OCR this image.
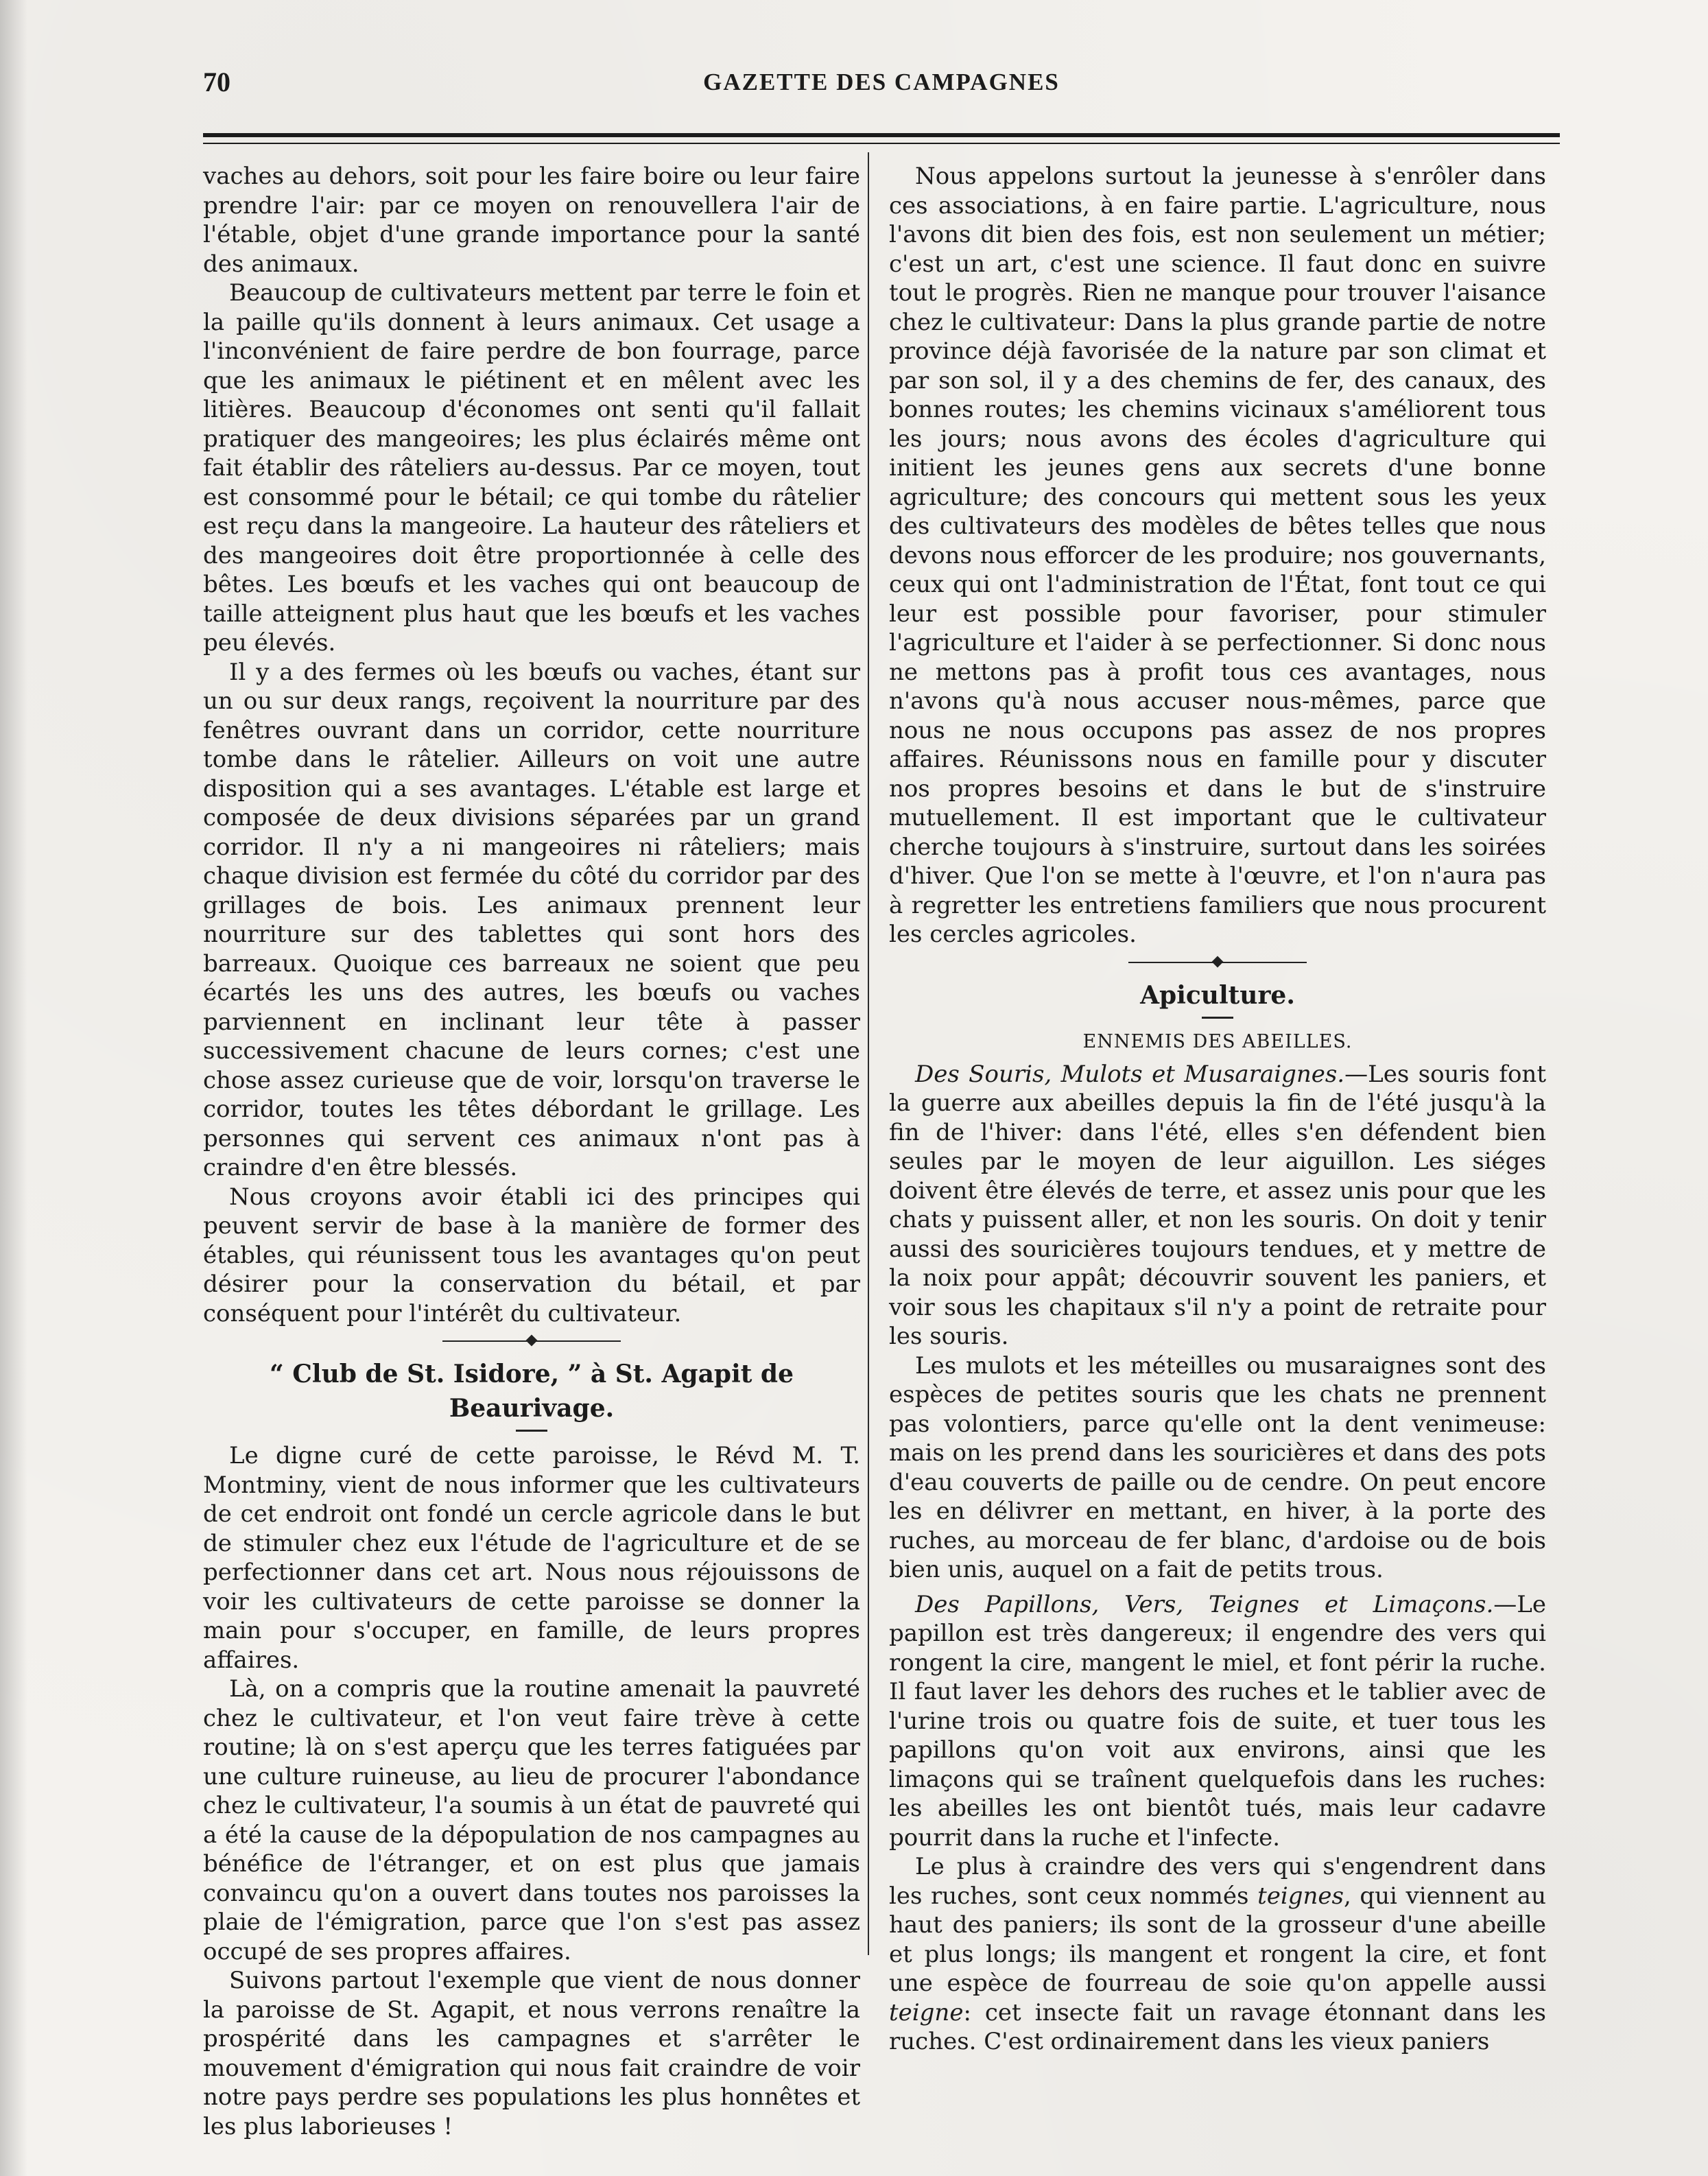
70	GAZETTE DES CAMPAGNES

vaches au dehors, soit pour les faire boire ou leur faire prendre l'air: par ce moyen on renouvellera l'air de l'étable, objet d'une grande importance pour la santé des animaux.

Beaucoup de cultivateurs mettent par terre le foin et la paille qu'ils donnent à leurs animaux. Cet usage a l'inconvénient de faire perdre de bon fourrage, parce que les animaux le piétinent et en mêlent avec les litières. Beaucoup d'économes ont senti qu'il fallait pratiquer des mangeoires; les plus éclairés même ont fait établir des râteliers au-dessus. Par ce moyen, tout est consommé pour le bétail; ce qui tombe du râtelier est reçu dans la mangeoire. La hauteur des râteliers et des mangeoires doit être proportionnée à celle des bêtes. Les bœufs et les vaches qui ont beaucoup de taille atteignent plus haut que les bœufs et les vaches peu élevés.

Il y a des fermes où les bœufs ou vaches, étant sur un ou sur deux rangs, reçoivent la nourriture par des fenêtres ouvrant dans un corridor, cette nourriture tombe dans le râtelier. Ailleurs on voit une autre disposition qui a ses avantages. L'étable est large et composée de deux divisions séparées par un grand corridor. Il n'y a ni mangeoires ni râteliers; mais chaque division est fermée du côté du corridor par des grillages de bois. Les animaux prennent leur nourriture sur des tablettes qui sont hors des barreaux. Quoique ces barreaux ne soient que peu écartés les uns des autres, les bœufs ou vaches parviennent en inclinant leur tête à passer successivement chacune de leurs cornes; c'est une chose assez curieuse que de voir, lorsqu'on traverse le corridor, toutes les têtes débordant le grillage. Les personnes qui servent ces animaux n'ont pas à craindre d'en être blessés.

Nous croyons avoir établi ici des principes qui peuvent servir de base à la manière de former des étables, qui réunissent tous les avantages qu'on peut désirer pour la conservation du bétail, et par conséquent pour l'intérêt du cultivateur.

“ Club de St. Isidore, ” à St. Agapit de Beaurivage.

Le digne curé de cette paroisse, le Révd M. T. Montminy, vient de nous informer que les cultivateurs de cet endroit ont fondé un cercle agricole dans le but de stimuler chez eux l'étude de l'agriculture et de se perfectionner dans cet art. Nous nous réjouissons de voir les cultivateurs de cette paroisse se donner la main pour s'occuper, en famille, de leurs propres affaires.

Là, on a compris que la routine amenait la pauvreté chez le cultivateur, et l'on veut faire trève à cette routine; là on s'est aperçu que les terres fatiguées par une culture ruineuse, au lieu de procurer l'abondance chez le cultivateur, l'a soumis à un état de pauvreté qui a été la cause de la dépopulation de nos campagnes au bénéfice de l'étranger, et on est plus que jamais convaincu qu'on a ouvert dans toutes nos paroisses la plaie de l'émigration, parce que l'on s'est pas assez occupé de ses propres affaires.

Suivons partout l'exemple que vient de nous donner la paroisse de St. Agapit, et nous verrons renaître la prospérité dans les campagnes et s'arrêter le mouvement d'émigration qui nous fait craindre de voir notre pays perdre ses populations les plus honnêtes et les plus laborieuses !

Nous appelons surtout la jeunesse à s'enrôler dans ces associations, à en faire partie. L'agriculture, nous l'avons dit bien des fois, est non seulement un métier; c'est un art, c'est une science. Il faut donc en suivre tout le progrès. Rien ne manque pour trouver l'aisance chez le cultivateur: Dans la plus grande partie de notre province déjà favorisée de la nature par son climat et par son sol, il y a des chemins de fer, des canaux, des bonnes routes; les chemins vicinaux s'améliorent tous les jours; nous avons des écoles d'agriculture qui initient les jeunes gens aux secrets d'une bonne agriculture; des concours qui mettent sous les yeux des cultivateurs des modèles de bêtes telles que nous devons nous efforcer de les produire; nos gouvernants, ceux qui ont l'administration de l'État, font tout ce qui leur est possible pour favoriser, pour stimuler l'agriculture et l'aider à se perfectionner. Si donc nous ne mettons pas à profit tous ces avantages, nous n'avons qu'à nous accuser nous-mêmes, parce que nous ne nous occupons pas assez de nos propres affaires. Réunissons nous en famille pour y discuter nos propres besoins et dans le but de s'instruire mutuellement. Il est important que le cultivateur cherche toujours à s'instruire, surtout dans les soirées d'hiver. Que l'on se mette à l'œuvre, et l'on n'aura pas à regretter les entretiens familiers que nous procurent les cercles agricoles.

Apiculture.
ENNEMIS DES ABEILLES.

Des Souris, Mulots et Musaraignes.—Les souris font la guerre aux abeilles depuis la fin de l'été jusqu'à la fin de l'hiver: dans l'été, elles s'en défendent bien seules par le moyen de leur aiguillon. Les siéges doivent être élevés de terre, et assez unis pour que les chats y puissent aller, et non les souris. On doit y tenir aussi des souricières toujours tendues, et y mettre de la noix pour appât; découvrir souvent les paniers, et voir sous les chapitaux s'il n'y a point de retraite pour les souris.

Les mulots et les méteilles ou musaraignes sont des espèces de petites souris que les chats ne prennent pas volontiers, parce qu'elle ont la dent venimeuse: mais on les prend dans les souricières et dans des pots d'eau couverts de paille ou de cendre. On peut encore les en délivrer en mettant, en hiver, à la porte des ruches, au morceau de fer blanc, d'ardoise ou de bois bien unis, auquel on a fait de petits trous.

Des Papillons, Vers, Teignes et Limaçons.—Le papillon est très dangereux; il engendre des vers qui rongent la cire, mangent le miel, et font périr la ruche. Il faut laver les dehors des ruches et le tablier avec de l'urine trois ou quatre fois de suite, et tuer tous les papillons qu'on voit aux environs, ainsi que les limaçons qui se traînent quelquefois dans les ruches: les abeilles les ont bientôt tués, mais leur cadavre pourrit dans la ruche et l'infecte.

Le plus à craindre des vers qui s'engendrent dans les ruches, sont ceux nommés teignes, qui viennent au haut des paniers; ils sont de la grosseur d'une abeille et plus longs; ils mangent et rongent la cire, et font une espèce de fourreau de soie qu'on appelle aussi teigne: cet insecte fait un ravage étonnant dans les ruches. C'est ordinairement dans les vieux paniers
